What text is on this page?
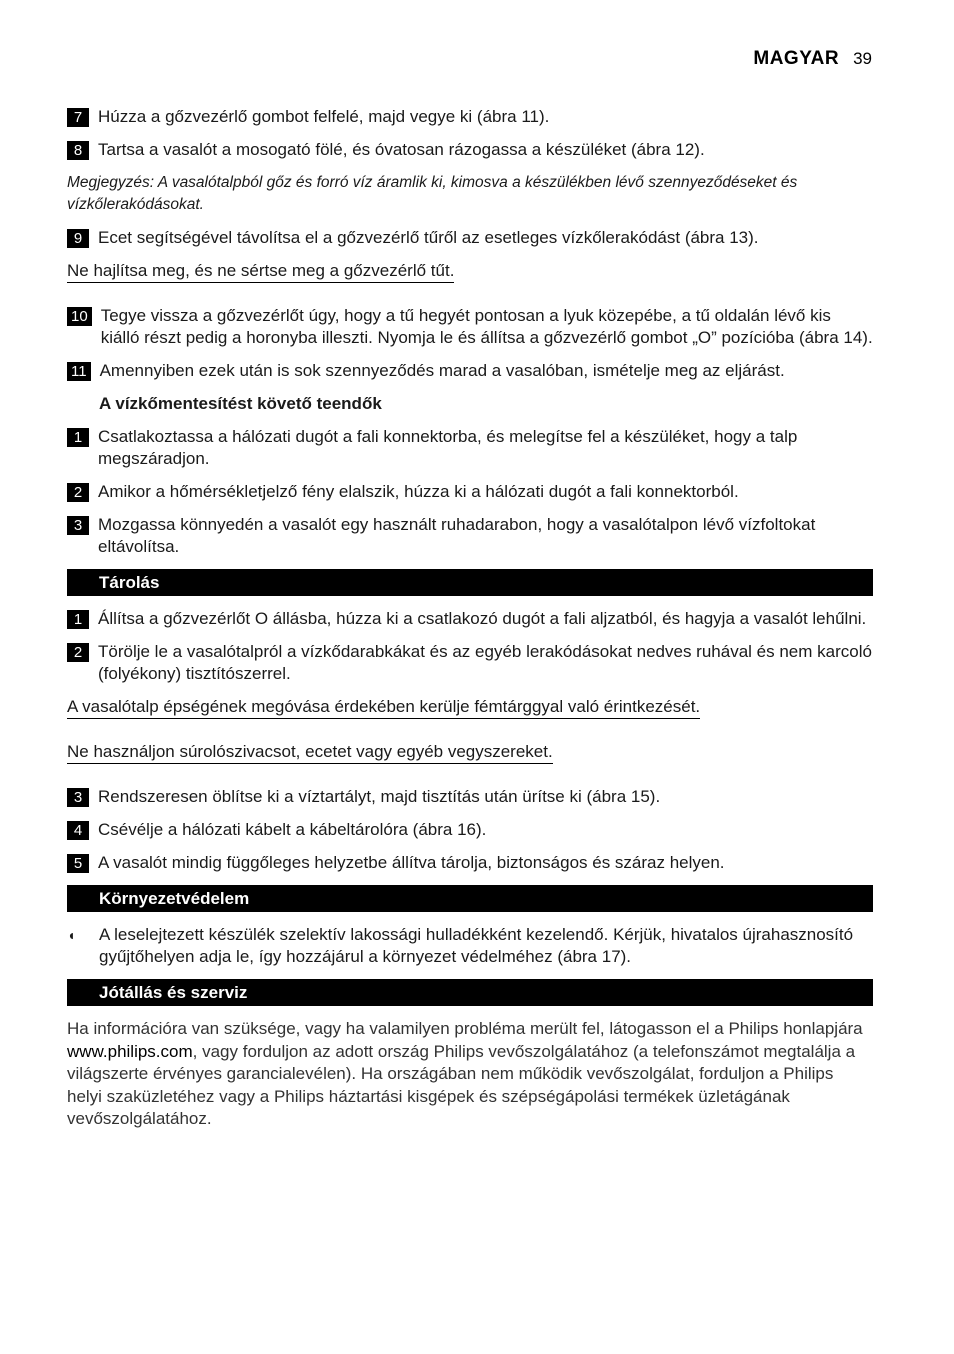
MAGYAR 39
7 Húzza a gőzvezérlő gombot felfelé, majd vegye ki (ábra 11).
8 Tartsa a vasalót a mosogató fölé, és óvatosan rázogassa a készüléket (ábra 12).

Megjegyzés: A vasalótalpból gőz és forró víz áramlik ki, kimosva a készülékben lévő szennyeződéseket és vízkőlerakódásokat.

9 Ecet segítségével távolítsa el a gőzvezérlő tűről az esetleges vízkőlerakódást (ábra 13).
Ne hajlítsa meg, és ne sértse meg a gőzvezérlő tűt.
10 Tegye vissza a gőzvezérlőt úgy, hogy a tű hegyét pontosan a lyuk közepébe, a tű oldalán lévő kis kiálló részt pedig a horonyba illeszti. Nyomja le és állítsa a gőzvezérlő gombot „O” pozícióba (ábra 14).
11 Amennyiben ezek után is sok szennyeződés marad a vasalóban, ismételje meg az eljárást.
A vízkőmentesítést követő teendők
1 Csatlakoztassa a hálózati dugót a fali konnektorba, és melegítse fel a készüléket, hogy a talp megszáradjon.
2 Amikor a hőmérsékletjelző fény elalszik, húzza ki a hálózati dugót a fali konnektorból.
3 Mozgassa könnyedén a vasalót egy használt ruhadarabon, hogy a vasalótalpon lévő vízfoltokat eltávolítsa.
Tárolás
1 Állítsa a gőzvezérlőt O állásba, húzza ki a csatlakozó dugót a fali aljzatból, és hagyja a vasalót lehűlni.
2 Törölje le a vasalótalpról a vízkődarabkákat és az egyéb lerakódásokat nedves ruhával és nem karcoló (folyékony) tisztítószerrel.
A vasalótalp épségének megóvása érdekében kerülje fémtárggyal való érintkezését.
Ne használjon súrolószivacsot, ecetet vagy egyéb vegyszereket.
3 Rendszeresen öblítse ki a víztartályt, majd tisztítás után ürítse ki (ábra 15).
4 Csévélje a hálózati kábelt a kábeltárolóra (ábra 16).
5 A vasalót mindig függőleges helyzetbe állítva tárolja, biztonságos és száraz helyen.
Környezetvédelem
◖	A leselejtezett készülék szelektív lakossági hulladékként kezelendő. Kérjük, hivatalos újrahasznosító gyűjtőhelyen adja le, így hozzájárul a környezet védelméhez (ábra 17).
Jótállás és szerviz

Ha információra van szüksége, vagy ha valamilyen probléma merült fel, látogasson el a Philips honlapjára www.philips.com, vagy forduljon az adott ország Philips vevőszolgálatához (a telefonszámot megtalálja a világszerte érvényes garancialevélen). Ha országában nem működik vevőszolgálat, forduljon a Philips helyi szaküzletéhez vagy a Philips háztartási kisgépek és szépségápolási termékek üzletágának vevőszolgálatához.
